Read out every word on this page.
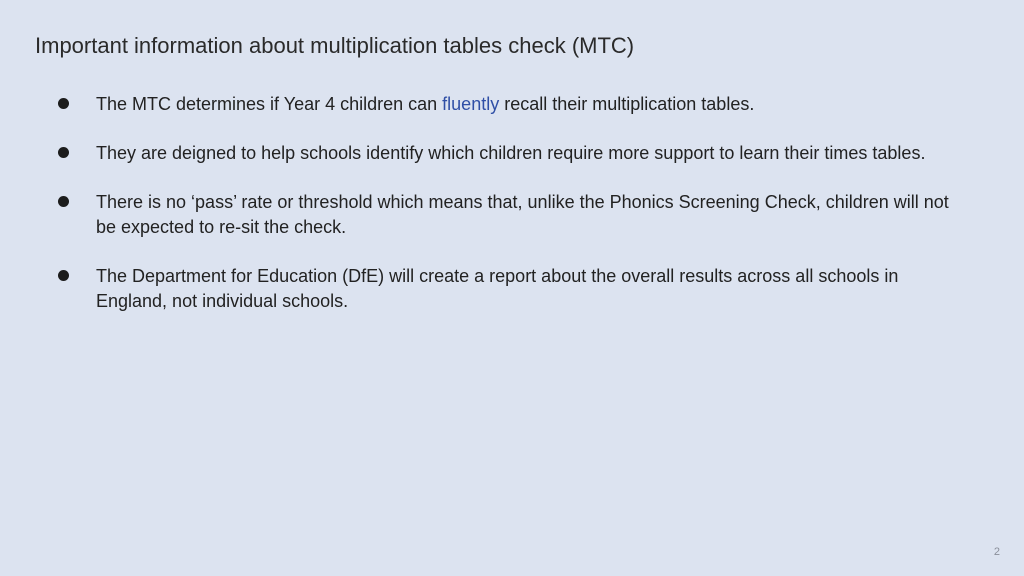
Important information about multiplication tables check (MTC)
The MTC determines if Year 4 children can fluently recall their multiplication tables.
They are deigned to help schools identify which children require more support to learn their times tables.
There is no ‘pass’ rate or threshold which means that, unlike the Phonics Screening Check, children will not be expected to re-sit the check.
The Department for Education (DfE) will create a report about the overall results across all schools in England, not individual schools.
2
